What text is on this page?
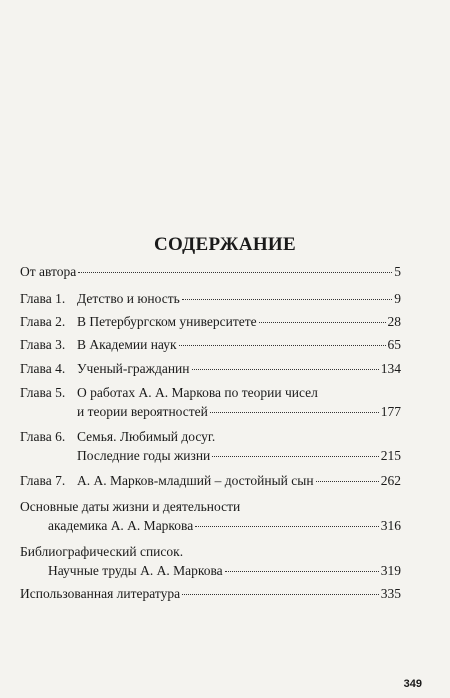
СОДЕРЖАНИЕ
От автора	5
Глава 1. Детство и юность	9
Глава 2. В Петербургском университете	28
Глава 3. В Академии наук	65
Глава 4. Ученый-гражданин	134
Глава 5. О работах А. А. Маркова по теории чисел
и теории вероятностей	177
Глава 6. Семья. Любимый досуг.
Последние годы жизни	215
Глава 7. А. А. Марков-младший – достойный сын	262
Основные даты жизни и деятельности
академика А. А. Маркова	316
Библиографический список.
Научные труды А. А. Маркова	319
Использованная литература	335
349
